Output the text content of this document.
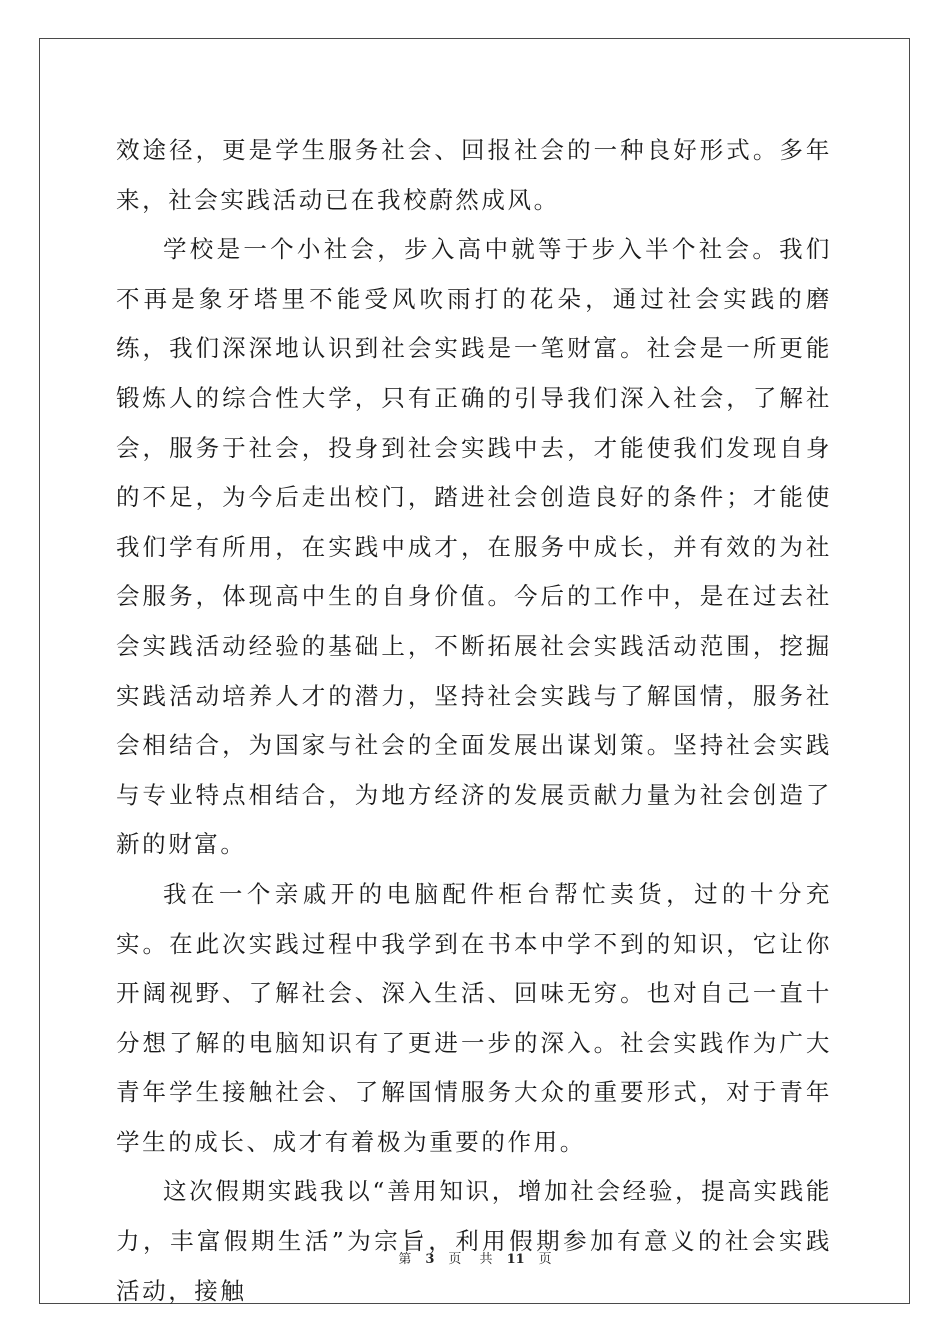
效途径，更是学生服务社会、回报社会的一种良好形式。多年来，社会实践活动已在我校蔚然成风。

学校是一个小社会，步入高中就等于步入半个社会。我们不再是象牙塔里不能受风吹雨打的花朵，通过社会实践的磨练，我们深深地认识到社会实践是一笔财富。社会是一所更能锻炼人的综合性大学，只有正确的引导我们深入社会，了解社会，服务于社会，投身到社会实践中去，才能使我们发现自身的不足，为今后走出校门，踏进社会创造良好的条件；才能使我们学有所用，在实践中成才，在服务中成长，并有效的为社会服务，体现高中生的自身价值。今后的工作中，是在过去社会实践活动经验的基础上，不断拓展社会实践活动范围，挖掘实践活动培养人才的潜力，坚持社会实践与了解国情，服务社会相结合，为国家与社会的全面发展出谋划策。坚持社会实践与专业特点相结合，为地方经济的发展贡献力量为社会创造了新的财富。

我在一个亲戚开的电脑配件柜台帮忙卖货，过的十分充实。在此次实践过程中我学到在书本中学不到的知识，它让你开阔视野、了解社会、深入生活、回味无穷。也对自己一直十分想了解的电脑知识有了更进一步的深入。社会实践作为广大青年学生接触社会、了解国情服务大众的重要形式，对于青年学生的成长、成才有着极为重要的作用。

这次假期实践我以“善用知识，增加社会经验，提高实践能力，丰富假期生活”为宗旨，利用假期参加有意义的社会实践活动，接触

第 3 页 共 11 页
